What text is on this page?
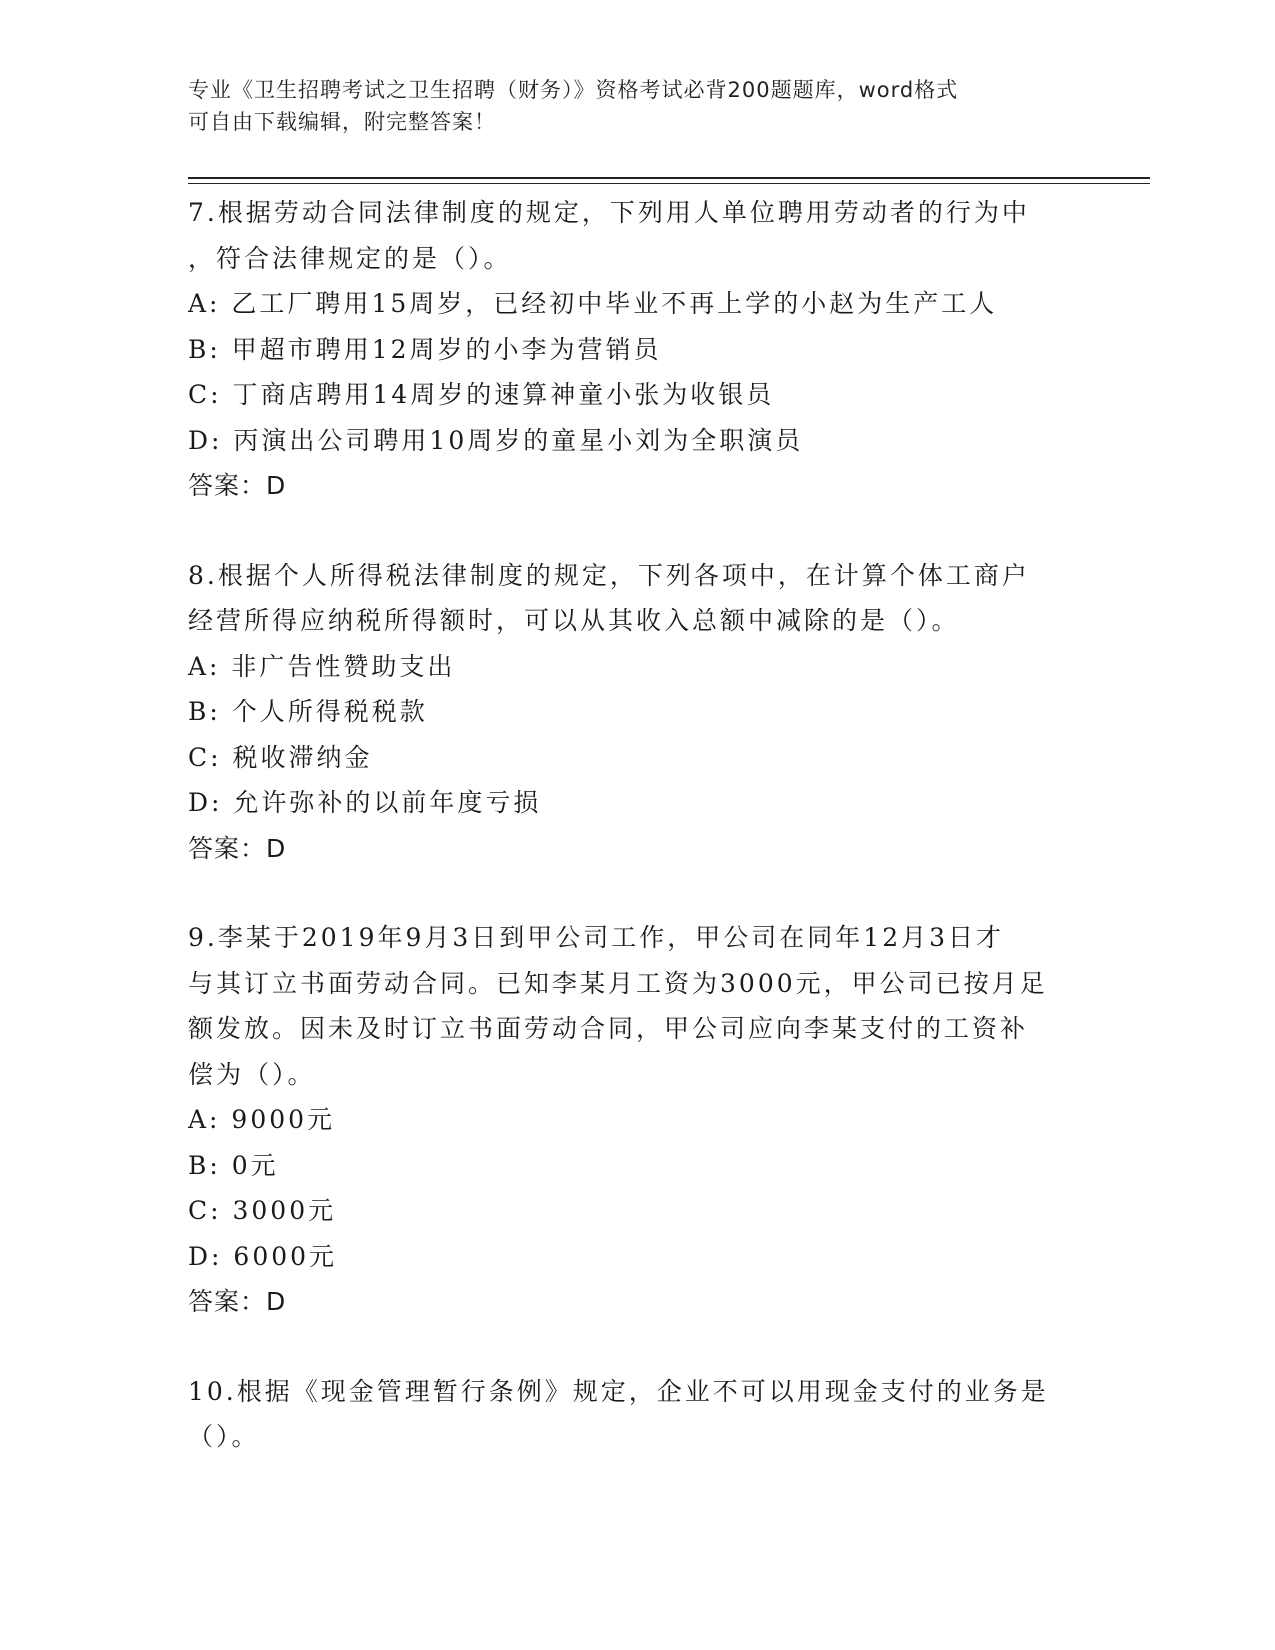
专业《卫生招聘考试之卫生招聘（财务）》资格考试必背200题题库，word格式
可自由下载编辑，附完整答案！
7.根据劳动合同法律制度的规定，下列用人单位聘用劳动者的行为中
，符合法律规定的是（）。
A: 乙工厂聘用15周岁，已经初中毕业不再上学的小赵为生产工人
B: 甲超市聘用12周岁的小李为营销员
C: 丁商店聘用14周岁的速算神童小张为收银员
D: 丙演出公司聘用10周岁的童星小刘为全职演员
答案：D
8.根据个人所得税法律制度的规定，下列各项中，在计算个体工商户
经营所得应纳税所得额时，可以从其收入总额中减除的是（）。
A: 非广告性赞助支出
B: 个人所得税税款
C: 税收滞纳金
D: 允许弥补的以前年度亏损
答案：D
9.李某于2019年9月3日到甲公司工作，甲公司在同年12月3日才
与其订立书面劳动合同。已知李某月工资为3000元，甲公司已按月足
额发放。因未及时订立书面劳动合同，甲公司应向李某支付的工资补
偿为（）。
A: 9000元
B: 0元
C: 3000元
D: 6000元
答案：D
10.根据《现金管理暂行条例》规定，企业不可以用现金支付的业务是
（）。
